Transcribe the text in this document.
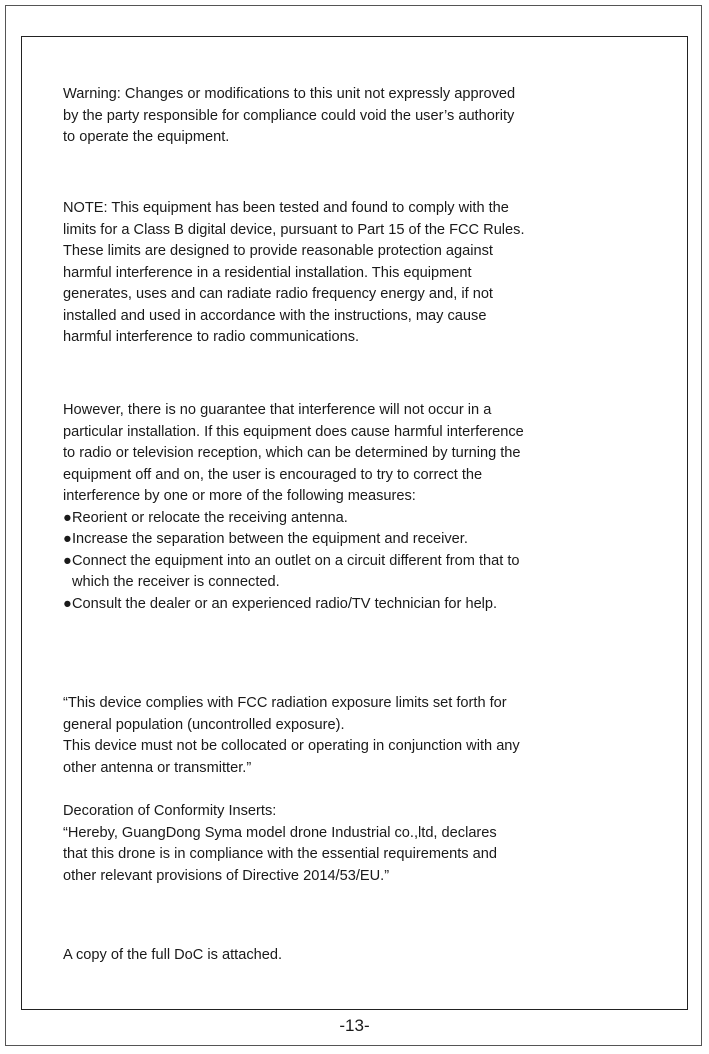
Warning: Changes or modifications to this unit not expressly approved
by the party responsible for compliance could void the user’s authority
to operate the equipment.

NOTE: This equipment has been tested and found to comply with the
limits for a Class B digital device, pursuant to Part 15 of the FCC Rules.
These limits are designed to provide reasonable protection against
harmful interference in a residential installation. This equipment
generates, uses and can radiate radio frequency energy and, if not
installed and used in accordance with the instructions, may cause
harmful interference to radio communications.

However, there is no guarantee that interference will not occur in a
particular installation. If this equipment does cause harmful interference
to radio or television reception, which can be determined by turning the
equipment off and on, the user is encouraged to try to correct the
interference by one or more of the following measures:
●Reorient or relocate the receiving antenna.
●Increase the separation between the equipment and receiver.
●Connect the equipment into an outlet on a circuit different from that to
which the receiver is connected.
●Consult the dealer or an experienced radio/TV technician for help.

“This device complies with FCC radiation exposure limits set forth for
general population (uncontrolled exposure).
This device must not be collocated or operating in conjunction with any
other antenna or transmitter.”

Decoration of Conformity Inserts:
“Hereby, GuangDong Syma model drone Industrial co.,ltd, declares
that this drone is in compliance with the essential requirements and
other relevant provisions of Directive 2014/53/EU.”

A copy of the full DoC is attached.

-13-
